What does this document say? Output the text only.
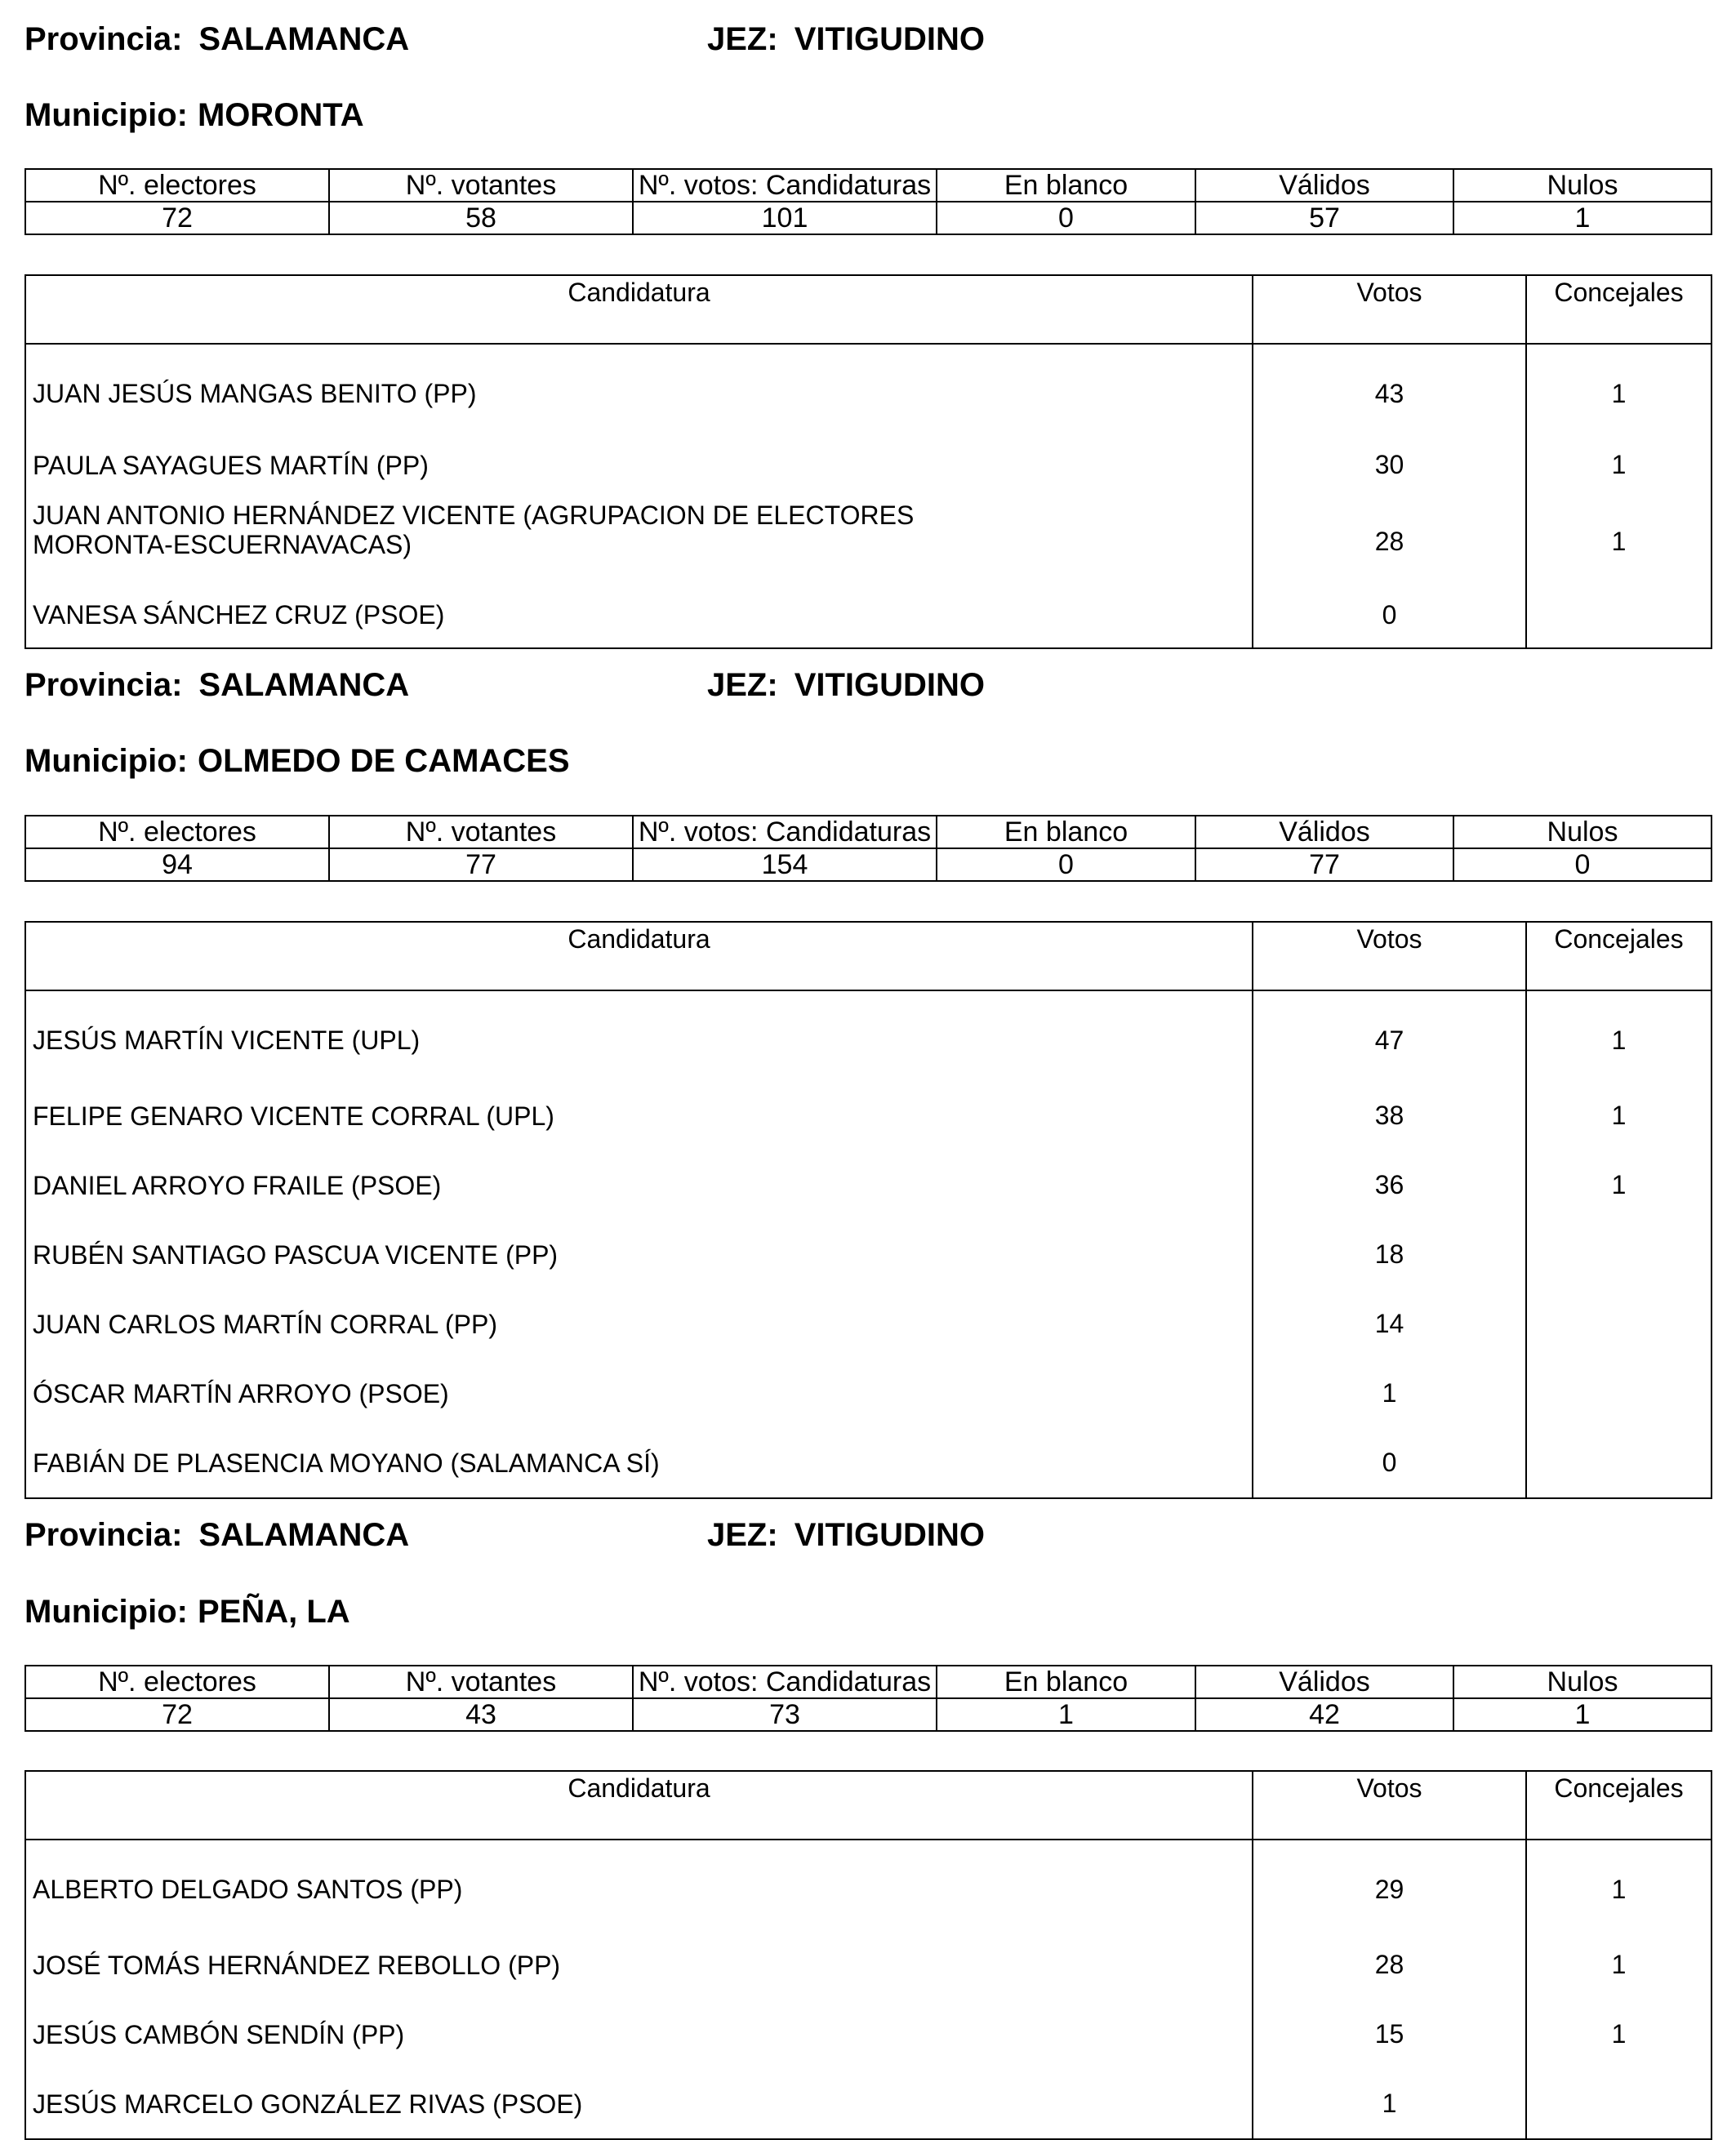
Provincia: SALAMANCA	JEZ: VITIGUDINO
Municipio: MORONTA
Nº. electores	Nº. votantes	Nº. votos: Candidaturas	En blanco	Válidos	Nulos
72	58	101	0	57	1
Candidatura	Votos	Concejales
JUAN JESÚS MANGAS BENITO (PP)	43	1
PAULA SAYAGUES MARTÍN (PP)	30	1
JUAN ANTONIO HERNÁNDEZ VICENTE (AGRUPACION DE ELECTORES MORONTA-ESCUERNAVACAS)	28	1
VANESA SÁNCHEZ CRUZ (PSOE)	0	
Provincia: SALAMANCA	JEZ: VITIGUDINO
Municipio: OLMEDO DE CAMACES
Nº. electores	Nº. votantes	Nº. votos: Candidaturas	En blanco	Válidos	Nulos
94	77	154	0	77	0
Candidatura	Votos	Concejales
JESÚS MARTÍN VICENTE (UPL)	47	1
FELIPE GENARO VICENTE CORRAL (UPL)	38	1
DANIEL ARROYO FRAILE (PSOE)	36	1
RUBÉN SANTIAGO PASCUA VICENTE (PP)	18	
JUAN CARLOS MARTÍN CORRAL (PP)	14	
ÓSCAR MARTÍN ARROYO (PSOE)	1	
FABIÁN DE PLASENCIA MOYANO (SALAMANCA SÍ)	0	
Provincia: SALAMANCA	JEZ: VITIGUDINO
Municipio: PEÑA, LA
Nº. electores	Nº. votantes	Nº. votos: Candidaturas	En blanco	Válidos	Nulos
72	43	73	1	42	1
Candidatura	Votos	Concejales
ALBERTO DELGADO SANTOS (PP)	29	1
JOSÉ TOMÁS HERNÁNDEZ REBOLLO (PP)	28	1
JESÚS CAMBÓN SENDÍN (PP)	15	1
JESÚS MARCELO GONZÁLEZ RIVAS (PSOE)	1	
